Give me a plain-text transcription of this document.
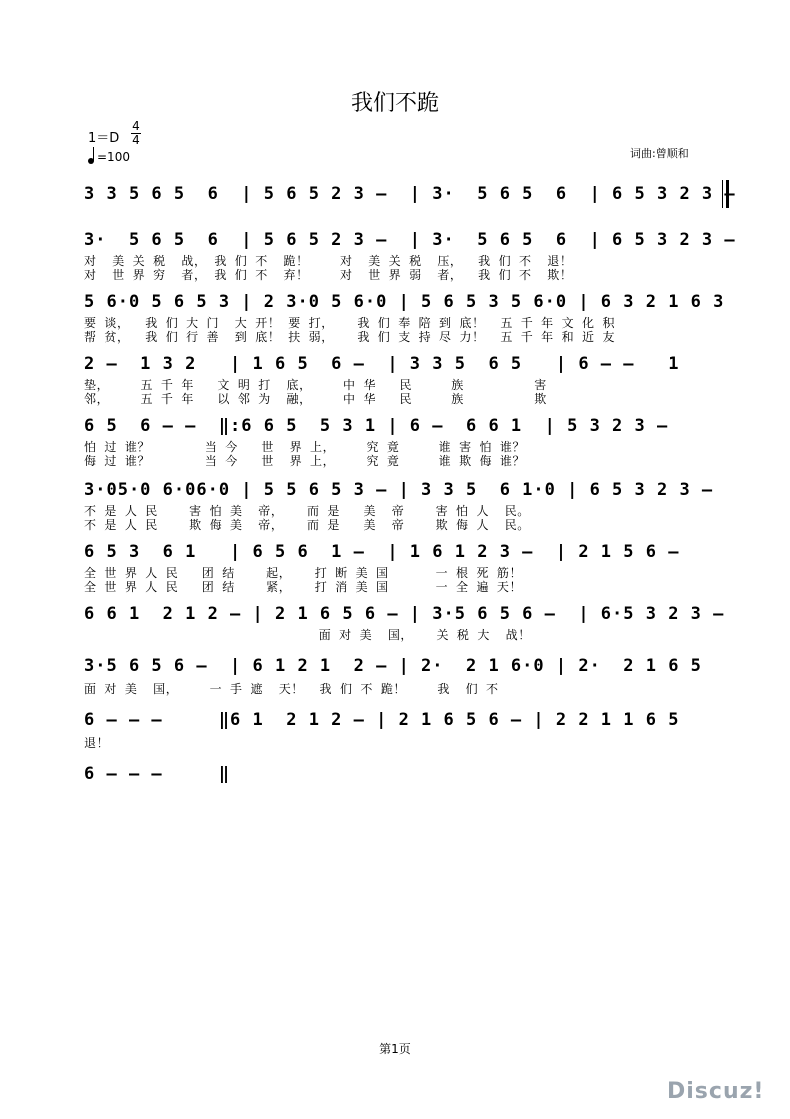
我们不跪
1＝D
4
4
=100	词曲:曾顺和
3 3 5 6 5  6  | 5 6 5 2 3 –  | 3·  5 6 5  6  | 6 5 3 2 3 –
3·  5 6 5  6  | 5 6 5 2 3 –  | 3·  5 6 5  6  | 6 5 3 2 3 –
对  美 关 税  战， 我 们 不  跪！    对  美 关 税  压，  我 们 不  退！
对  世 界 穷  者， 我 们 不  弃！    对  世 界 弱  者，  我 们 不  欺！
5 6·0 5 6 5 3 | 2 3·0 5 6·0 | 5 6 5 3 5 6·0 | 6 3 2 1 6 3
要 谈，  我 们 大 门  大 开！ 要 打，   我 们 奉 陪 到 底！  五 千 年 文 化 积
帮 贫，  我 们 行 善  到 底！ 扶 弱，   我 们 支 持 尽 力！  五 千 年 和 近 友
2 –  1 3 2   | 1 6 5  6 –  | 3 3 5  6 5   | 6 – –   1
垫，    五 千 年   文 明 打  底，    中 华   民     族         害
邻，    五 千 年   以 邻 为  融，    中 华   民     族         欺
6 5  6 – –  ‖:6 6 5  5 3 1 | 6 –  6 6 1  | 5 3 2 3 –
怕 过 谁？       当 今   世  界 上，    究 竟     谁 害 怕 谁？
侮 过 谁？       当 今   世  界 上，    究 竟     谁 欺 侮 谁？
3·05·0 6·06·0 | 5 5 6 5 3 – | 3 3 5  6 1·0 | 6 5 3 2 3 –
不 是 人 民    害 怕 美  帝，   而 是   美  帝    害 怕 人  民。
不 是 人 民    欺 侮 美  帝，   而 是   美  帝    欺 侮 人  民。
6 5 3  6 1   | 6 5 6  1 –  | 1 6 1 2 3 –  | 2 1 5 6 –
全 世 界 人 民   团 结    起，   打 断 美 国      一 根 死 筋！
全 世 界 人 民   团 结    紧，   打 消 美 国      一 全 遍 天！
6 6 1  2 1 2 – | 2 1 6 5 6 – | 3·5 6 5 6 –  | 6·5 3 2 3 –
面 对 美  国，   关 税 大  战！
3·5 6 5 6 –  | 6 1 2 1  2 – | 2·  2 1 6·0 | 2·  2 1 6 5
面 对 美  国，    一 手 遮  天！  我 们 不 跪！    我  们 不
6 – – –     ‖6 1  2 1 2 – | 2 1 6 5 6 – | 2 2 1 1 6 5
退！
6 – – –     ‖
第1页
Discuz!
